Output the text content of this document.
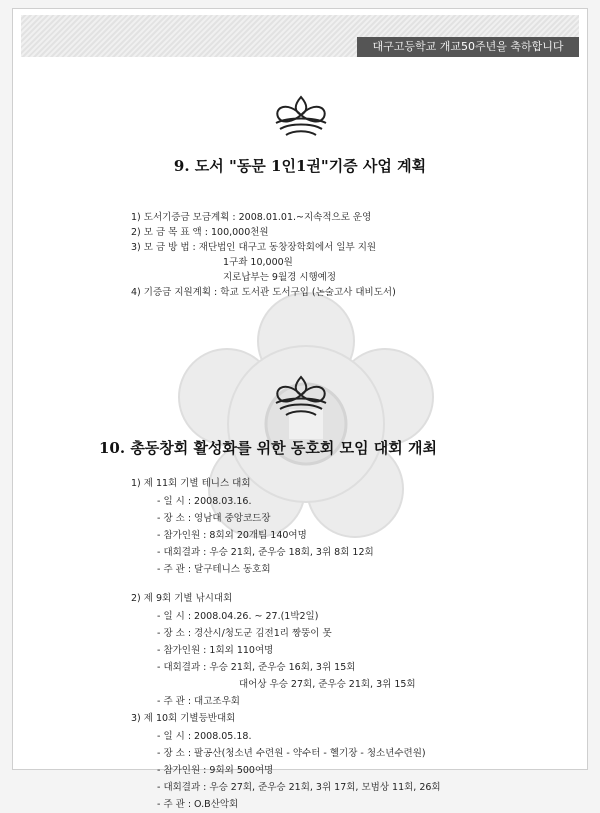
대구고등학교 개교50주년을 축하합니다
9. 도서 "동문 1인1권"기증 사업 계획
1) 도서기증금 모금계획 : 2008.01.01.~지속적으로 운영
2) 모 금 목 표 액 : 100,000천원
3) 모 금 방 법 : 재단법인 대구고 동창장학회에서 일부 지원
1구좌 10,000원
지로납부는 9월경 시행예정
4) 기증금 지원계획 : 학교 도서관 도서구입 (논술고사 대비도서)
10. 총동창회 활성화를 위한 동호회 모임 대회 개최
1) 제 11회 기별 테니스 대회
- 일 시 : 2008.03.16.
- 장 소 : 영남대 중앙코드장
- 참가인원 : 8회외 20개팀 140여명
- 대회결과 : 우승 21회, 준우승 18회, 3위 8회 12회
- 주 관 : 달구테니스 동호회
2) 제 9회 기별 낚시대회
- 일 시 : 2008.04.26. ~ 27.(1박2일)
- 장 소 : 경산시/청도군 김전1리 짱뚱이 못
- 참가인원 : 1회외 110여명
- 대회결과 : 우승 21회, 준우승 16회, 3위 15회
대어상 우승 27회, 준우승 21회, 3위 15회
- 주 관 : 대고조우회
3) 제 10회 기별등반대회
- 일 시 : 2008.05.18.
- 장 소 : 팔공산(청소년 수련원 - 약수터 - 헬기장 - 청소년수련원)
- 참가인원 : 9회외 500여명
- 대회결과 : 우승 27회, 준우승 21회, 3위 17회, 모범상 11회, 26회
- 주 관 : O.B산악회
